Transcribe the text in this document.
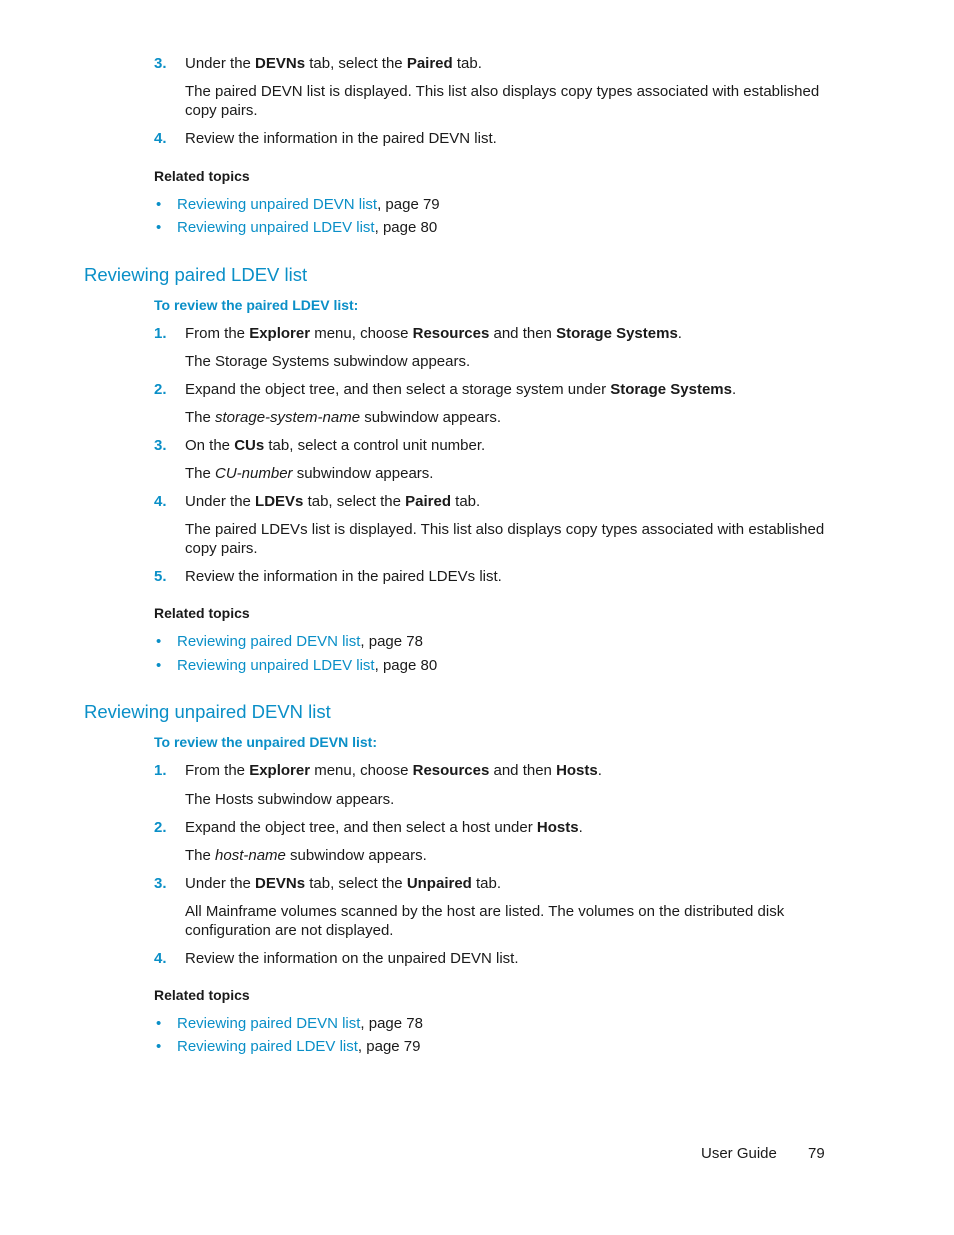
3. Under the DEVNs tab, select the Paired tab.
The paired DEVN list is displayed. This list also displays copy types associated with established copy pairs.
4. Review the information in the paired DEVN list.
Related topics
• Reviewing unpaired DEVN list, page 79
• Reviewing unpaired LDEV list, page 80
Reviewing paired LDEV list
To review the paired LDEV list:
1. From the Explorer menu, choose Resources and then Storage Systems.
The Storage Systems subwindow appears.
2. Expand the object tree, and then select a storage system under Storage Systems.
The storage-system-name subwindow appears.
3. On the CUs tab, select a control unit number.
The CU-number subwindow appears.
4. Under the LDEVs tab, select the Paired tab.
The paired LDEVs list is displayed. This list also displays copy types associated with established copy pairs.
5. Review the information in the paired LDEVs list.
Related topics
• Reviewing paired DEVN list, page 78
• Reviewing unpaired LDEV list, page 80
Reviewing unpaired DEVN list
To review the unpaired DEVN list:
1. From the Explorer menu, choose Resources and then Hosts.
The Hosts subwindow appears.
2. Expand the object tree, and then select a host under Hosts.
The host-name subwindow appears.
3. Under the DEVNs tab, select the Unpaired tab.
All Mainframe volumes scanned by the host are listed. The volumes on the distributed disk configuration are not displayed.
4. Review the information on the unpaired DEVN list.
Related topics
• Reviewing paired DEVN list, page 78
• Reviewing paired LDEV list, page 79
User Guide 79
